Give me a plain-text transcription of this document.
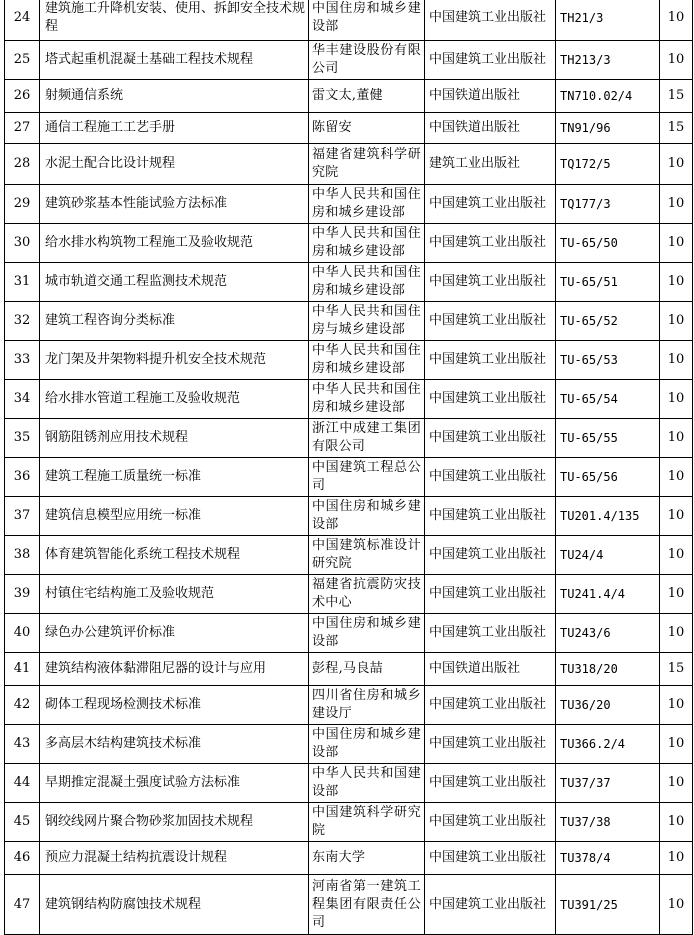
24	建筑施工升降机安装、使用、拆卸安全技术规程	中国住房和城乡建设部	中国建筑工业出版社	TH21/3	10
25	塔式起重机混凝土基础工程技术规程	华丰建设股份有限公司	中国建筑工业出版社	TH213/3	10
26	射频通信系统	雷文太,董健	中国铁道出版社	TN710.02/4	15
27	通信工程施工工艺手册	陈留安	中国铁道出版社	TN91/96	15
28	水泥土配合比设计规程	福建省建筑科学研究院	建筑工业出版社	TQ172/5	10
29	建筑砂浆基本性能试验方法标准	中华人民共和国住房和城乡建设部	中国建筑工业出版社	TQ177/3	10
30	给水排水构筑物工程施工及验收规范	中华人民共和国住房和城乡建设部	中国建筑工业出版社	TU-65/50	10
31	城市轨道交通工程监测技术规范	中华人民共和国住房和城乡建设部	中国建筑工业出版社	TU-65/51	10
32	建筑工程咨询分类标准	中华人民共和国住房与城乡建设部	中国建筑工业出版社	TU-65/52	10
33	龙门架及井架物料提升机安全技术规范	中华人民共和国住房和城乡建设部	中国建筑工业出版社	TU-65/53	10
34	给水排水管道工程施工及验收规范	中华人民共和国住房和城乡建设部	中国建筑工业出版社	TU-65/54	10
35	钢筋阻锈剂应用技术规程	浙江中成建工集团有限公司	中国建筑工业出版社	TU-65/55	10
36	建筑工程施工质量统一标准	中国建筑工程总公司	中国建筑工业出版社	TU-65/56	10
37	建筑信息模型应用统一标准	中国住房和城乡建设部	中国建筑工业出版社	TU201.4/135	10
38	体育建筑智能化系统工程技术规程	中国建筑标准设计研究院	中国建筑工业出版社	TU24/4	10
39	村镇住宅结构施工及验收规范	福建省抗震防灾技术中心	中国建筑工业出版社	TU241.4/4	10
40	绿色办公建筑评价标准	中国住房和城乡建设部	中国建筑工业出版社	TU243/6	10
41	建筑结构液体黏滞阻尼器的设计与应用	彭程,马良喆	中国铁道出版社	TU318/20	15
42	砌体工程现场检测技术标准	四川省住房和城乡建设厅	中国建筑工业出版社	TU36/20	10
43	多高层木结构建筑技术标准	中国住房和城乡建设部	中国建筑工业出版社	TU366.2/4	10
44	早期推定混凝土强度试验方法标准	中华人民共和国建设部	中国建筑工业出版社	TU37/37	10
45	钢绞线网片聚合物砂浆加固技术规程	中国建筑科学研究院	中国建筑工业出版社	TU37/38	10
46	预应力混凝土结构抗震设计规程	东南大学	中国建筑工业出版社	TU378/4	10
47	建筑钢结构防腐蚀技术规程	河南省第一建筑工程集团有限责任公司	中国建筑工业出版社	TU391/25	10
